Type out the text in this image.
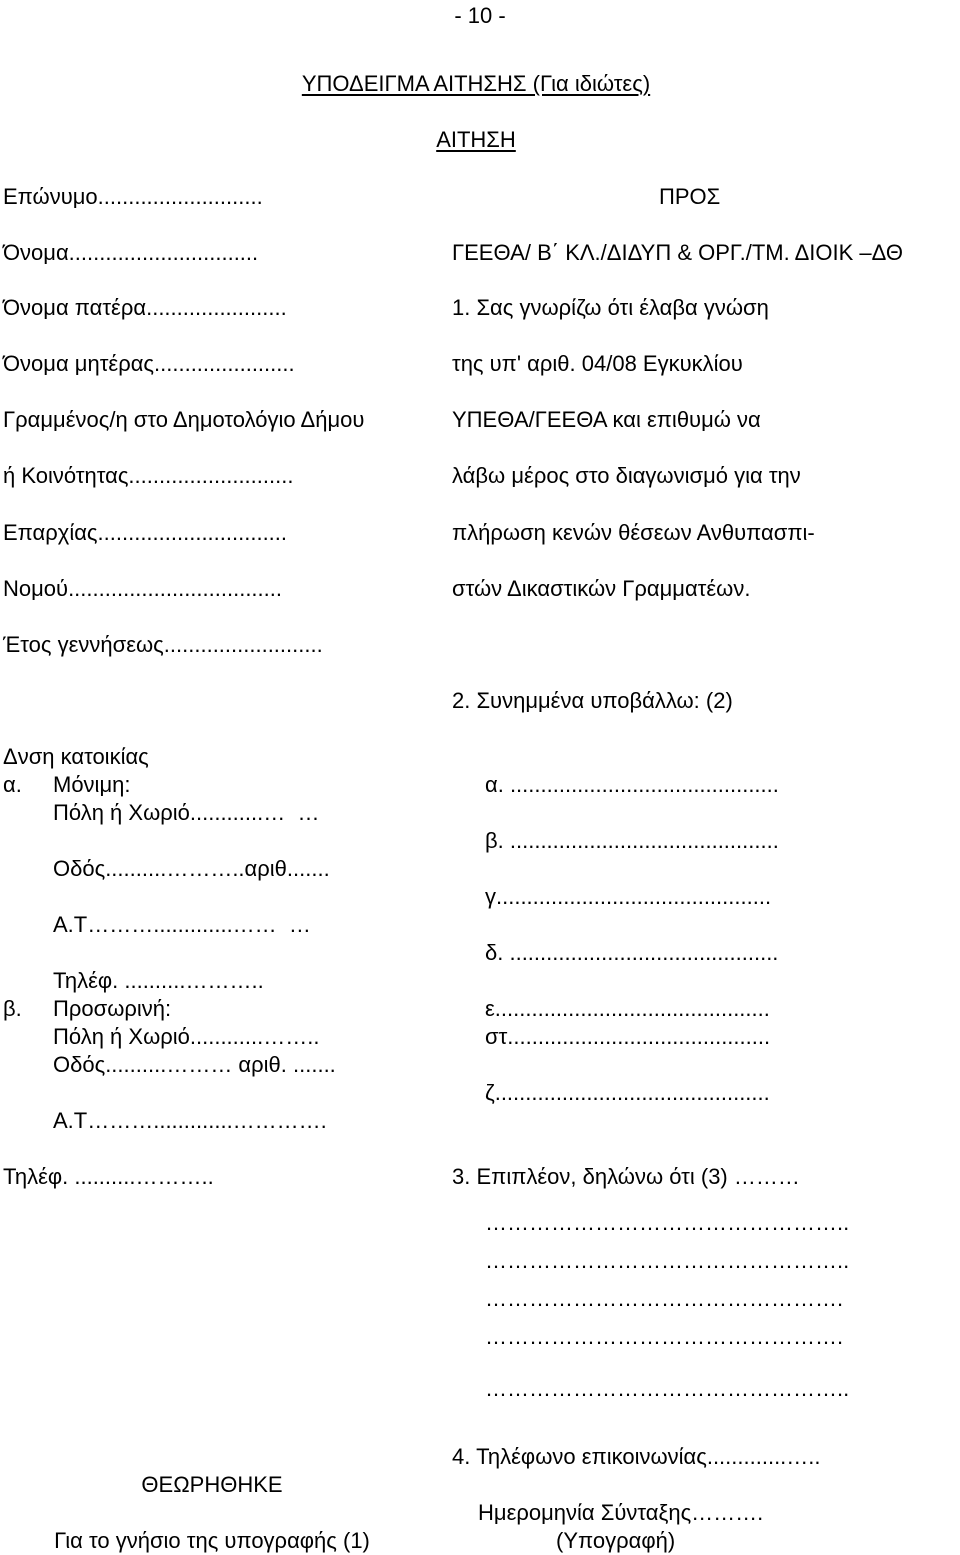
- 10 -
ΥΠΟΔΕΙΓΜΑ ΑΙΤΗΣΗΣ (Για ιδιώτες)
ΑΙΤΗΣΗ
Επώνυμο...........................
Όνομα...............................
Όνομα πατέρα.......................
Όνομα μητέρας.......................
Γραμμένος/η στο Δημοτολόγιο Δήμου
ή Κοινότητας...........................
Επαρχίας...............................
Νομού...................................
Έτος γεννήσεως..........................
ΠΡΟΣ
ΓΕΕΘΑ/ Β΄ ΚΛ./ΔΙΔΥΠ & ΟΡΓ./ΤΜ. ΔΙΟΙΚ –ΔΘ
1. Σας γνωρίζω ότι έλαβα γνώση
της υπ' αριθ. 04/08 Εγκυκλίου
ΥΠΕΘΑ/ΓΕΕΘΑ και επιθυμώ να
λάβω μέρος στο διαγωνισμό για την
πλήρωση κενών θέσεων Ανθυπασπι-
στών Δικαστικών Γραμματέων.
2. Συνημμένα υποβάλλω: (2)
Δνση κατοικίας
α. Μόνιμη:
Πόλη ή Χωριό............…  …
Οδός..........………..αριθ.......
Α.Τ……….............……  …
Τηλέφ. ..........………..
β. Προσωρινή:
Πόλη ή Χωριό............……..
Οδός..........……… αριθ. .......
Α.Τ……….............………….
Τηλέφ. ..........………..
α. ............................................
β. ............................................
γ.............................................
δ. ............................................
ε.............................................
στ...........................................
ζ.............................................
3. Επιπλέον, δηλώνω ότι (3) ………
…………………………………………..
…………………………………………..
………………………………………….
………………………………………….
…………………………………………..
4. Τηλέφωνο επικοινωνίας.............…..
ΘΕΩΡΗΘΗΚΕ
Ημερομηνία Σύνταξης……….
Για το γνήσιο της υπογραφής (1)	(Υπογραφή)
